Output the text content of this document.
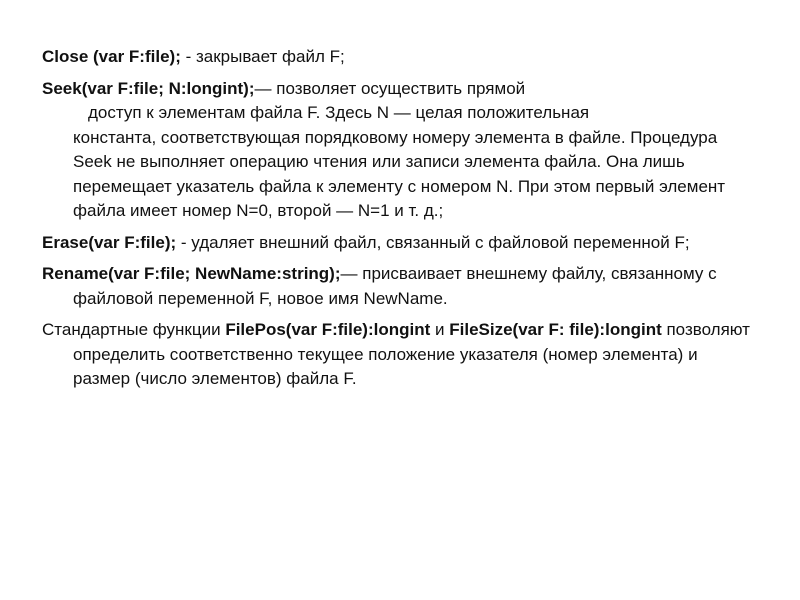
Close (var F:file); - закрывает файл F;

Seek(var F:file; N:longint);— позволяет осуществить прямой
доступ к элементам файла F. Здесь N — целая положительная
константа, соответствующая порядковому номеру элемента в файле. Процедура Seek не выполняет операцию чтения или записи элемента файла. Она лишь перемещает указатель файла к элементу с номером N. При этом первый элемент файла имеет номер N=0, второй — N=1 и т. д.;

Erase(var F:file); - удаляет внешний файл, связанный с файловой переменной F;

Rename(var F:file; NewName:string);— присваивает внешнему файлу, связанному с файловой переменной F, новое имя NewName.

Стандартные функции FilePos(var F:file):longint и FileSize(var F: file):longint позволяют определить соответственно текущее положение указателя (номер элемента) и размер (число элементов) файла F.
